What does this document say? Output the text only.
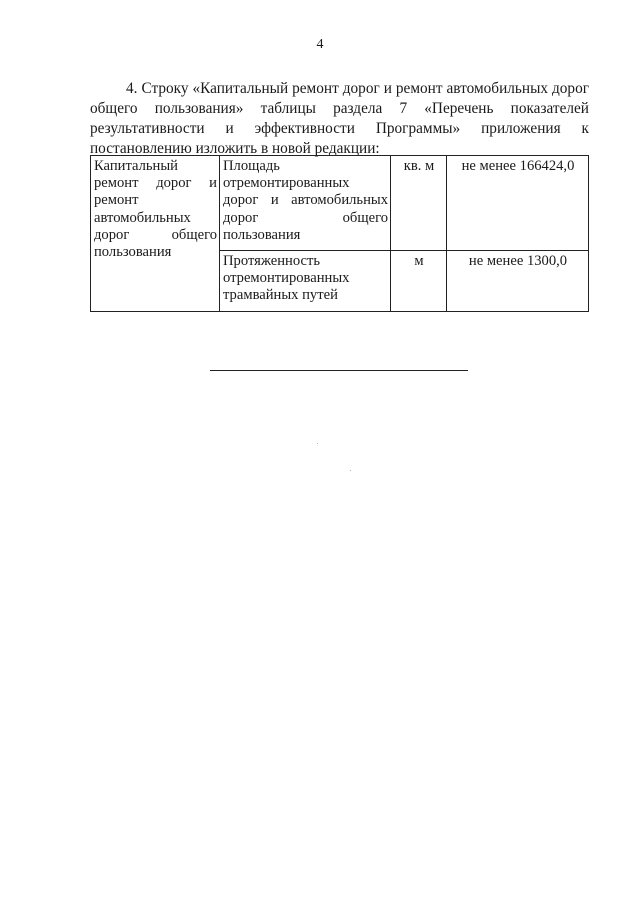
4

4. Строку «Капитальный ремонт дорог и ремонт автомобильных дорог общего пользования» таблицы раздела 7 «Перечень показателей результативности и эффективности Программы» приложения к постановлению изложить в новой редакции:

Капитальный ремонт дорог и ремонт автомобильных дорог общего пользования	Площадь отремонтированных дорог и автомобильных дорог общего пользования	кв. м	не менее 166424,0
	Протяженность отремонтированных трамвайных путей	м	не менее 1300,0
